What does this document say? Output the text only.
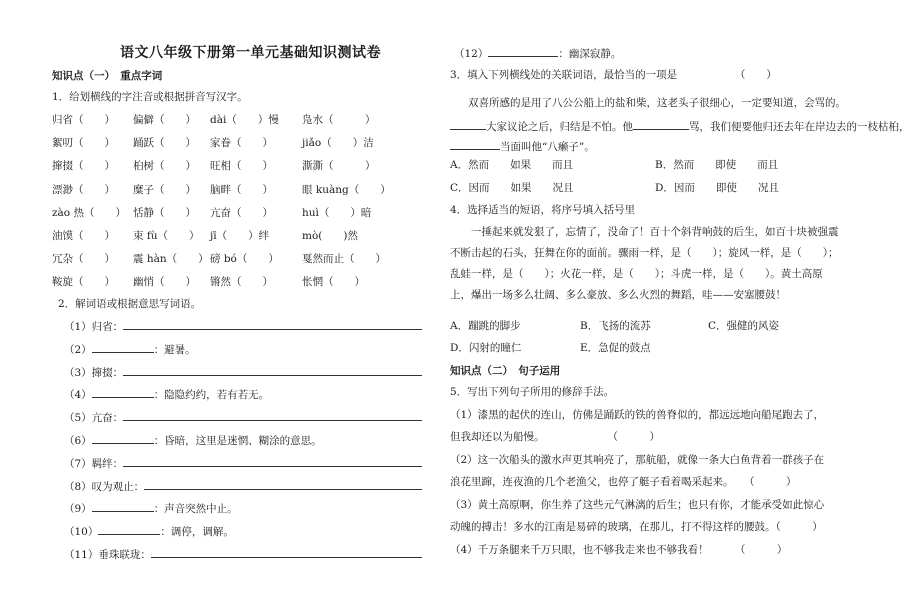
语文八年级下册第一单元基础知识测试卷
知识点（一）　重点字词
1．给划横线的字注音或根据拼音写汉字。
归省（　　） 偏僻（　　） dài（　　）慢 凫水（　　　）
絮叨（　　） 踊跃（　　） 家眷（　　）	jiǎo（　　）洁
撺掇（　　） 桕树（　　） 旺相（　　）	澌澌（　　　）
漂渺（　　） 糜子（　　） 脑畔（　　）	眼 kuàng（　　）
zào 热（　　） 恬静（　　） 亢奋（　　）	huì（　　）暗
油馍（　　） 束 fù（　　） jī（　　）绊	mò(　　)然
冗杂（　　） 震 hàn（　　） 磅 bó（　　） 戛然而止（　　）
鞍旋（　　） 幽悄（　　） 锵然（　　）	怅惘（　　）
2．解词语或根据意思写词语。
（1）归省：
（2）	：避暑。
（3）撺掇：
（4）	：隐隐约约，若有若无。
（5）亢奋：
（6）	：昏暗，这里是迷惘、糊涂的意思。
（7）羁绊：
（8）叹为观止：
（9）	：声音突然中止。
（10）	：调停，调解。
（11）垂珠联珑：
（12）	：幽深寂静。
3．填入下列横线处的关联词语，最恰当的一项是　　　　　　（　　）
双喜所感的是用了八公公船上的盐和柴，这老头子很细心，一定要知道，会骂的。
大家议论之后，归结是不怕。他	骂，我们便要他归还去年在岸边去的一枝枯桕，
当面叫他“八癞子”。
A．然而　　如果　　而且	B．然而　　即使　　而且
C．因而　　如果　　况且	D．因而　　即使　　况且
4．选择适当的短语，将序号填入括号里
一捶起来就发狠了，忘情了，没命了！百十个斜背响鼓的后生，如百十块被强震不断击起的石头，狂舞在你的面前。骤雨一样，是（　　）；旋风一样，是（　　）；乱蛙一样，是（　　）；火花一样，是（　　）；斗虎一样，是（　　）。黄土高原上，爆出一场多么壮阔、多么豪放、多么火烈的舞蹈，哇——安塞腰鼓！
A．蹦跳的脚步	B．飞扬的流苏	C．强健的风姿
D．闪射的瞳仁	E．急促的鼓点
知识点（二）　句子运用
5．写出下列句子所用的修辞手法。
（1）漆黑的起伏的连山，仿佛是踊跃的铁的兽脊似的，都远远地向船尾跑去了，
但我却还以为船慢。　　　　　　　（　　　）
（2）这一次船头的激水声更其响亮了，那航船，就像一条大白鱼背着一群孩子在
浪花里蹿，连夜渔的几个老渔父，也停了艇子看着喝采起来。　　（　　　）
（3）黄土高原啊，你生养了这些元气淋漓的后生；也只有你，才能承受如此惊心
动魄的搏击！多水的江南是易碎的玻璃，在那儿，打不得这样的腰鼓。（　　　）
（4）千万条腿来千万只眼，也不够我走来也不够我看！　　　（　　　）
